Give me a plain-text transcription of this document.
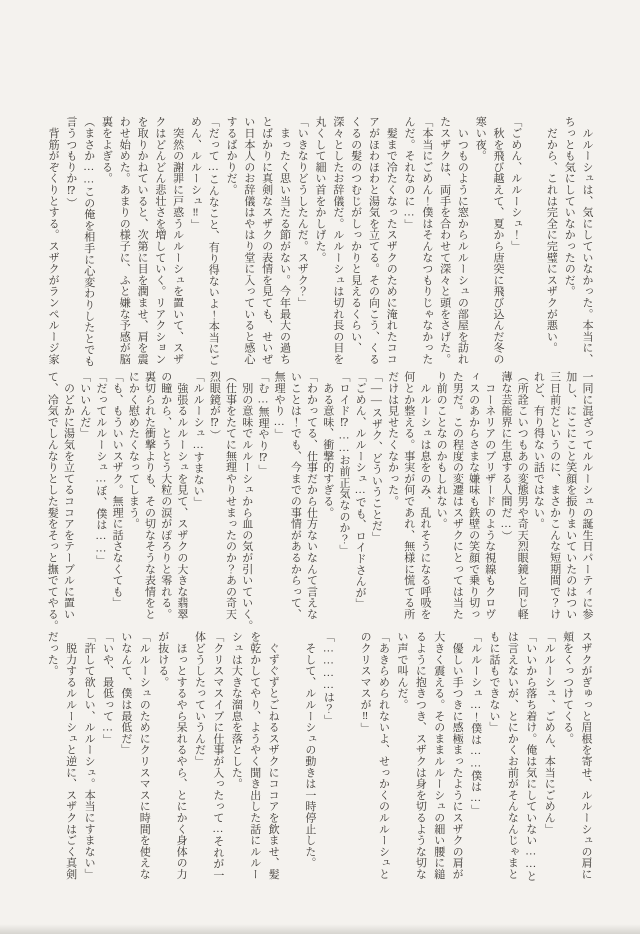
　ルルーシュは、気にしていなかった。本当に、

ちっとも気にしていなかったのだ。

　だから、これは完全に完璧にスザクが悪い。

「ごめん、ルルーシュ！」

　秋を飛び越えて、夏から唐突に飛び込んだ冬の

寒い夜。

　いつものように窓からルルーシュの部屋を訪れ

たスザクは、両手を合わせて深々と頭をさげた。

「本当にごめん！僕はそんなつもりじゃなかった

んだ。それなのに…」

　髪まで冷たくなったスザクのために淹れたココ

アがほわほわと湯気を立てる。その向こう、くる

くるの髪のつむじがしっかりと見えるくらい、

深々としたお辞儀だ。ルルーシュは切れ長の目を

丸くして細い首をかしげた。

「いきなりどうしたんだ。スザク？」

　まったく思い当たる節がない。今年最大の過ち

とばかりに真剣なスザクの表情を見ても、せいぜ

い日本人のお辞儀はやはり堂に入っていると感心

するばかりだ。

「だって…こんなこと、有り得ないよ！本当にご

めん、ルルーシュ‼」

　突然の謝罪に戸惑うルルーシュを置いて、スザ

クはどんどん悲壮さを増していく。リアクション

を取りかねていると、次第に目を潤ませ、肩を震

わせ始めた。あまりの様子に、ふと嫌な予感が脳

裏をよぎる。

（まさか……この俺を相手に心変わりしたとでも

言うつもりか⁉）

　背筋がぞくりとする。スザクがランペルージ家

一同に混ざってルルーシュの誕生日パーティに参

加し、にこにこと笑顔を振りまいていたのはつい

三日前だというのに、まさかこんな短期間で？け

れど、有り得ない話ではない。

（所詮こいつもあの変態男や奇天烈眼鏡と同じ軽

薄な芸能界に生息する人間だ…）

　コーネリアのブリザードのような視線もクロヴ

ィスのあからさまな嫌味も鉄壁の笑顔で乗り切っ

た男だ。この程度の変遷はスザクにとっては当た

り前のことなのかもしれない。

　ルルーシュは息をのみ、乱れそうになる呼吸を

何とか整える。事実が何であれ、無様に慌てる所

だけは見せたくなかった。

「――スザク、どういうことだ」

「ごめん、ルルーシュ…でも、ロイドさんが」

「ロイド⁉……お前正気なのか？」

　ある意味、衝撃的すぎる。

「わかってる、仕事だから仕方ないなんて言えな

いことは！でも、今までの事情があるからって、

無理やり…」

「む…無理やり⁉」

　別の意味でルルーシュから血の気が引いていく。

（仕事をたてに無理やりせまったのか？あの奇天

烈眼鏡が⁉）

「ルルーシュ…すまない」

　強張るルルーシュを見て、スザクの大きな翡翠

の瞳から、とうとう大粒の涙がぽろりと零れる。

裏切られた衝撃よりも、その切なそうな表情をと

にかく慰めたくなってしまう。

「も、もういいスザク。無理に話さなくても」

「だってルルーシュ…ぼ、僕は……」

「いいんだ」

　のどかに湯気を立てるココアをテーブルに置い

て、冷気でしんなりとした髪をそっと撫でてやる。

スザクがぎゅっと眉根を寄せ、ルルーシュの肩に

頬をくっつけてくる。

「ルルーシュ、ごめん、本当にごめん」

「いいから落ち着け。俺は気にしていない……と

は言えないが、とにかくお前がそんなんじゃまと

もに話もできない」

「ルルーシュ…！僕は……僕は…」

　優しい手つきに感極まったようにスザクの肩が

大きく震える。そのままルルーシュの細い腰に縋

るように抱きつき、スザクは身を切るような切な

い声で叫んだ。

「あきらめられないよ、せっかくのルルーシュと

のクリスマスが‼」

「…………は？」

　そして、ルルーシュの動きは一時停止した。

　ぐずぐずとごねるスザクにココアを飲ませ、髪

を乾かしてやり、ようやく聞き出した話にルルー

シュは大きな溜息を落とした。

「クリスマスイブに仕事が入ったって…それが一

体どうしたっていうんだ」

　ほっとするやら呆れるやら、とにかく身体の力

が抜ける。

「ルルーシュのためにクリスマスに時間を使えな

いなんて、僕は最低だ」

「いや、最低って…」

「許して欲しい、ルルーシュ。本当にすまない」

　脱力するルルーシュと逆に、スザクはごく真剣

だった。
